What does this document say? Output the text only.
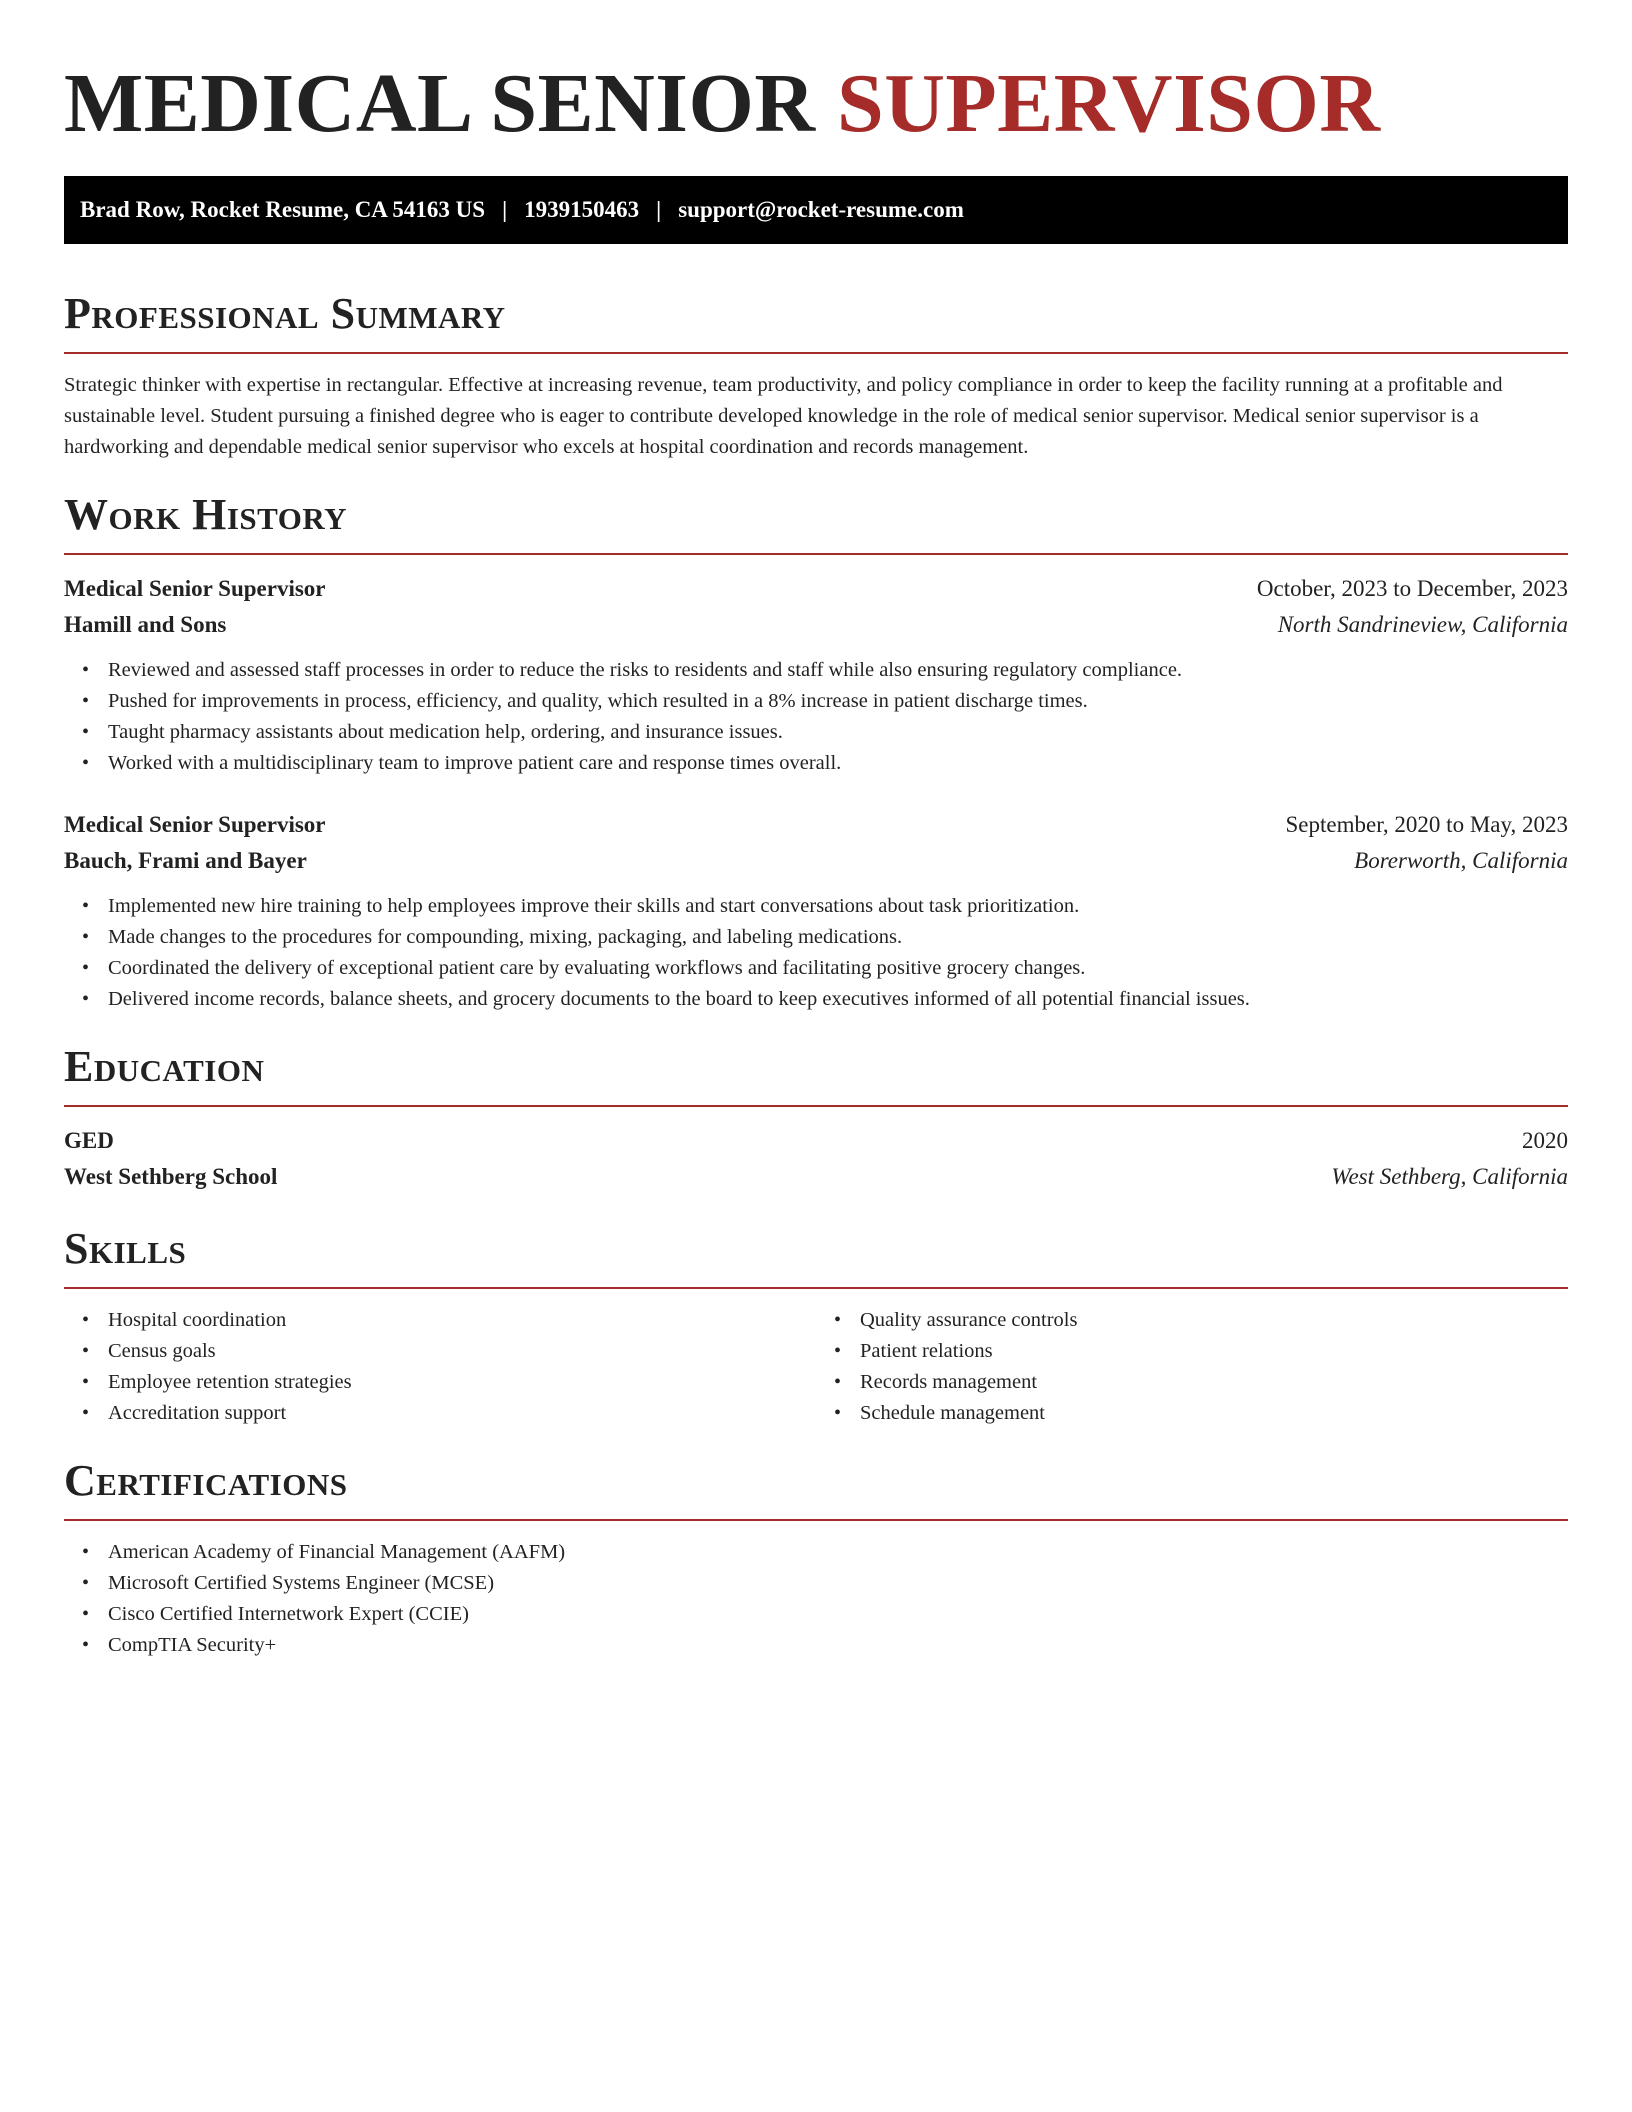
MEDICAL SENIOR SUPERVISOR
Brad Row, Rocket Resume, CA 54163 US | 1939150463 | support@rocket-resume.com
Professional Summary

Strategic thinker with expertise in rectangular. Effective at increasing revenue, team productivity, and policy compliance in order to keep the facility running at a profitable and sustainable level. Student pursuing a finished degree who is eager to contribute developed knowledge in the role of medical senior supervisor. Medical senior supervisor is a hardworking and dependable medical senior supervisor who excels at hospital coordination and records management.

Work History
Medical Senior Supervisor	October, 2023 to December, 2023
Hamill and Sons	North Sandrineview, California
• Reviewed and assessed staff processes in order to reduce the risks to residents and staff while also ensuring regulatory compliance.
• Pushed for improvements in process, efficiency, and quality, which resulted in a 8% increase in patient discharge times.
• Taught pharmacy assistants about medication help, ordering, and insurance issues.
• Worked with a multidisciplinary team to improve patient care and response times overall.
Medical Senior Supervisor	September, 2020 to May, 2023
Bauch, Frami and Bayer	Borerworth, California
• Implemented new hire training to help employees improve their skills and start conversations about task prioritization.
• Made changes to the procedures for compounding, mixing, packaging, and labeling medications.
• Coordinated the delivery of exceptional patient care by evaluating workflows and facilitating positive grocery changes.
• Delivered income records, balance sheets, and grocery documents to the board to keep executives informed of all potential financial issues.
Education
GED	2020
West Sethberg School	West Sethberg, California
Skills
• Hospital coordination
• Census goals
• Employee retention strategies
• Accreditation support
• Quality assurance controls
• Patient relations
• Records management
• Schedule management
Certifications
• American Academy of Financial Management (AAFM)
• Microsoft Certified Systems Engineer (MCSE)
• Cisco Certified Internetwork Expert (CCIE)
• CompTIA Security+
